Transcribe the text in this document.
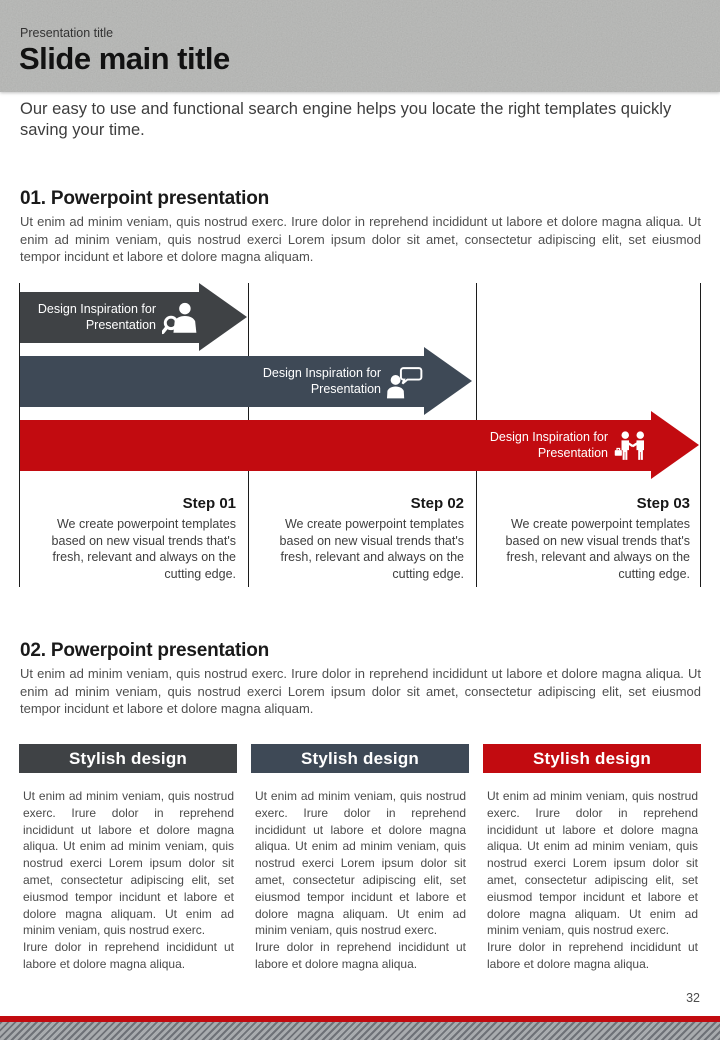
Presentation title
Slide main title
Our easy to use and functional search engine helps you locate the right templates quickly saving your time.
01. Powerpoint presentation
Ut enim ad minim veniam, quis nostrud exerc. Irure dolor in reprehend incididunt ut labore et dolore magna aliqua. Ut enim ad minim veniam, quis nostrud exerci Lorem ipsum dolor sit amet, consectetur adipiscing elit, set eiusmod tempor incidunt et labore et dolore magna aliquam.
Design Inspiration for
Presentation
Design Inspiration for
Presentation
Design Inspiration for
Presentation
Step 01
We create powerpoint templates based on new visual trends that's fresh, relevant and always on the cutting edge.
Step 02
We create powerpoint templates based on new visual trends that's fresh, relevant and always on the cutting edge.
Step 03
We create powerpoint templates based on new visual trends that's fresh, relevant and always on the cutting edge.
02. Powerpoint presentation
Ut enim ad minim veniam, quis nostrud exerc. Irure dolor in reprehend incididunt ut labore et dolore magna aliqua. Ut enim ad minim veniam, quis nostrud exerci Lorem ipsum dolor sit amet, consectetur adipiscing elit, set eiusmod tempor incidunt et labore et dolore magna aliquam.
Stylish design	Stylish design	Stylish design

Ut enim ad minim veniam, quis nostrud exerc. Irure dolor in reprehend incididunt ut labore et dolore magna aliqua. Ut enim ad minim veniam, quis nostrud exerci Lorem ipsum dolor sit amet, consectetur adipiscing elit, set eiusmod tempor incidunt et labore et dolore magna aliquam. Ut enim ad minim veniam, quis nostrud exerc.

Irure dolor in reprehend incididunt ut labore et dolore magna aliqua.

Ut enim ad minim veniam, quis nostrud exerc. Irure dolor in reprehend incididunt ut labore et dolore magna aliqua. Ut enim ad minim veniam, quis nostrud exerci Lorem ipsum dolor sit amet, consectetur adipiscing elit, set eiusmod tempor incidunt et labore et dolore magna aliquam. Ut enim ad minim veniam, quis nostrud exerc.

Irure dolor in reprehend incididunt ut labore et dolore magna aliqua.

Ut enim ad minim veniam, quis nostrud exerc. Irure dolor in reprehend incididunt ut labore et dolore magna aliqua. Ut enim ad minim veniam, quis nostrud exerci Lorem ipsum dolor sit amet, consectetur adipiscing elit, set eiusmod tempor incidunt et labore et dolore magna aliquam. Ut enim ad minim veniam, quis nostrud exerc.

Irure dolor in reprehend incididunt ut labore et dolore magna aliqua.

32
